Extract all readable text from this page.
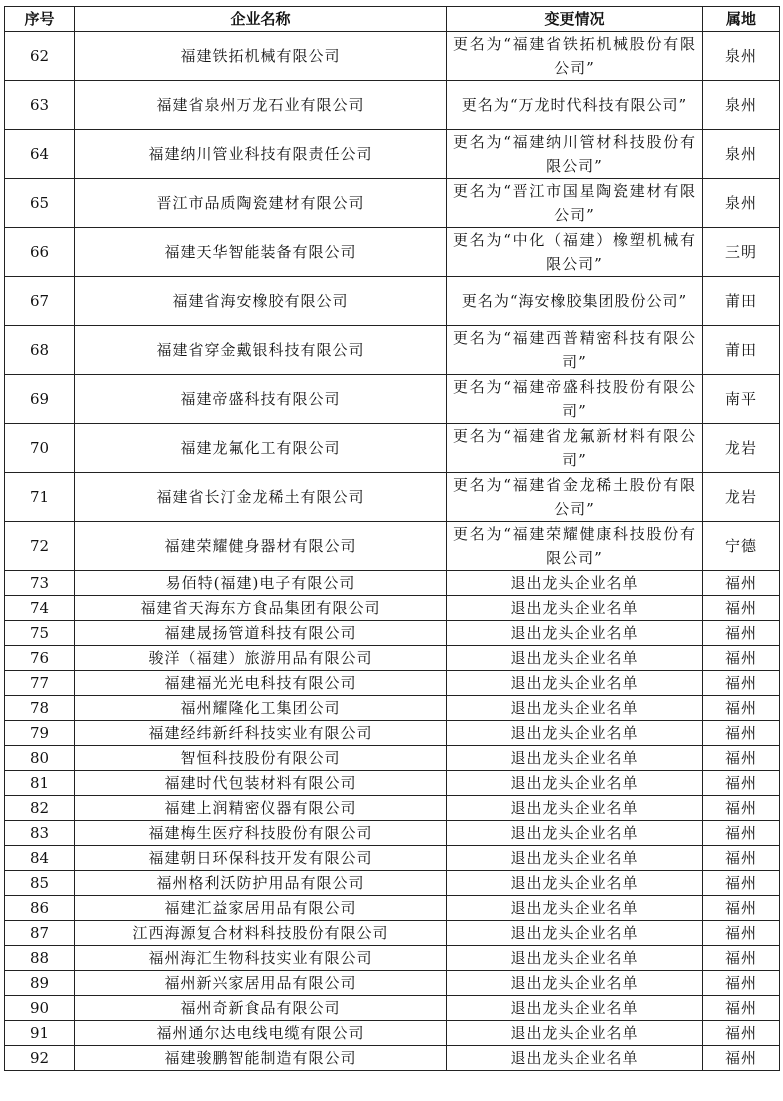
序号	企业名称	变更情况	属地
62	福建铁拓机械有限公司	更名为“福建省铁拓机械股份有限公司”	泉州
63	福建省泉州万龙石业有限公司	更名为“万龙时代科技有限公司”	泉州
64	福建纳川管业科技有限责任公司	更名为“福建纳川管材科技股份有限公司”	泉州
65	晋江市品质陶瓷建材有限公司	更名为“晋江市国星陶瓷建材有限公司”	泉州
66	福建天华智能装备有限公司	更名为“中化（福建）橡塑机械有限公司”	三明
67	福建省海安橡胶有限公司	更名为“海安橡胶集团股份公司”	莆田
68	福建省穿金戴银科技有限公司	更名为“福建西普精密科技有限公司”	莆田
69	福建帝盛科技有限公司	更名为“福建帝盛科技股份有限公司”	南平
70	福建龙氟化工有限公司	更名为“福建省龙氟新材料有限公司”	龙岩
71	福建省长汀金龙稀土有限公司	更名为“福建省金龙稀土股份有限公司”	龙岩
72	福建荣耀健身器材有限公司	更名为“福建荣耀健康科技股份有限公司”	宁德
73	易佰特(福建)电子有限公司	退出龙头企业名单	福州
74	福建省天海东方食品集团有限公司	退出龙头企业名单	福州
75	福建晟扬管道科技有限公司	退出龙头企业名单	福州
76	骏洋（福建）旅游用品有限公司	退出龙头企业名单	福州
77	福建福光光电科技有限公司	退出龙头企业名单	福州
78	福州耀隆化工集团公司	退出龙头企业名单	福州
79	福建经纬新纤科技实业有限公司	退出龙头企业名单	福州
80	智恒科技股份有限公司	退出龙头企业名单	福州
81	福建时代包装材料有限公司	退出龙头企业名单	福州
82	福建上润精密仪器有限公司	退出龙头企业名单	福州
83	福建梅生医疗科技股份有限公司	退出龙头企业名单	福州
84	福建朝日环保科技开发有限公司	退出龙头企业名单	福州
85	福州格利沃防护用品有限公司	退出龙头企业名单	福州
86	福建汇益家居用品有限公司	退出龙头企业名单	福州
87	江西海源复合材料科技股份有限公司	退出龙头企业名单	福州
88	福州海汇生物科技实业有限公司	退出龙头企业名单	福州
89	福州新兴家居用品有限公司	退出龙头企业名单	福州
90	福州奇新食品有限公司	退出龙头企业名单	福州
91	福州通尔达电线电缆有限公司	退出龙头企业名单	福州
92	福建骏鹏智能制造有限公司	退出龙头企业名单	福州
